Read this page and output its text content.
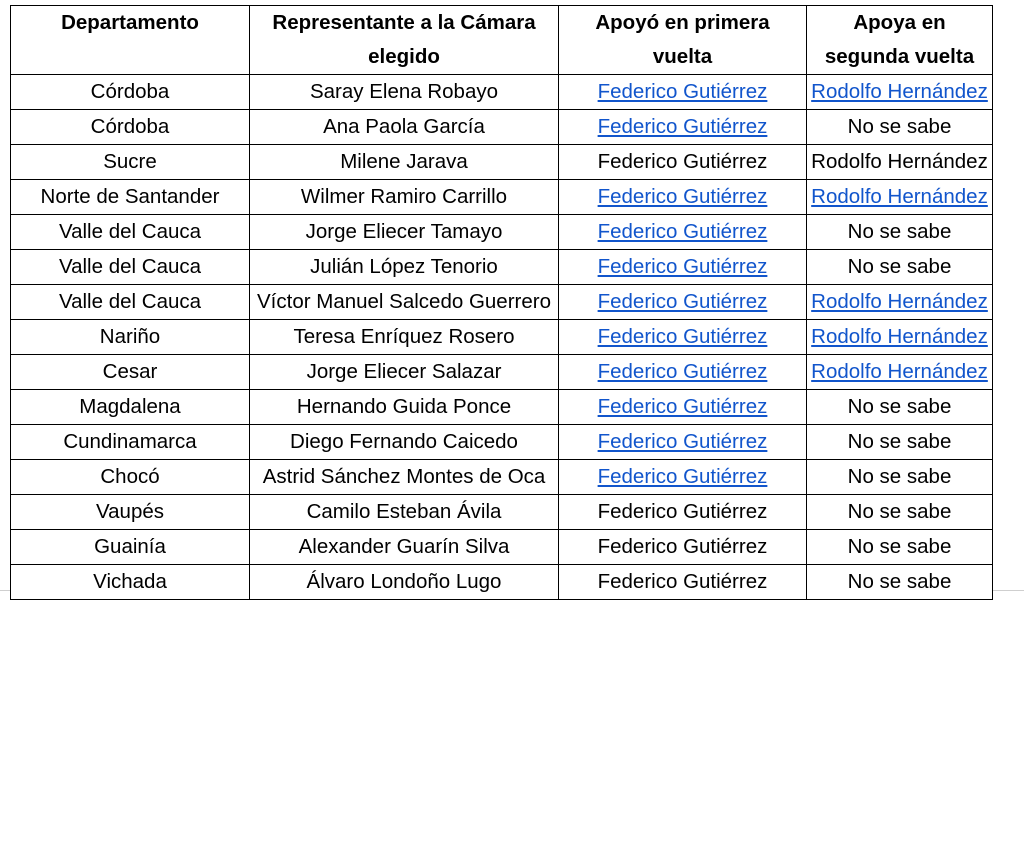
Departamento	Representante a la Cámara elegido	Apoyó en primera vuelta	Apoya en segunda vuelta
Córdoba	Saray Elena Robayo	Federico Gutiérrez	Rodolfo Hernández
Córdoba	Ana Paola García	Federico Gutiérrez	No se sabe
Sucre	Milene Jarava	Federico Gutiérrez	Rodolfo Hernández
Norte de Santander	Wilmer Ramiro Carrillo	Federico Gutiérrez	Rodolfo Hernández
Valle del Cauca	Jorge Eliecer Tamayo	Federico Gutiérrez	No se sabe
Valle del Cauca	Julián López Tenorio	Federico Gutiérrez	No se sabe
Valle del Cauca	Víctor Manuel Salcedo Guerrero	Federico Gutiérrez	Rodolfo Hernández
Nariño	Teresa Enríquez Rosero	Federico Gutiérrez	Rodolfo Hernández
Cesar	Jorge Eliecer Salazar	Federico Gutiérrez	Rodolfo Hernández
Magdalena	Hernando Guida Ponce	Federico Gutiérrez	No se sabe
Cundinamarca	Diego Fernando Caicedo	Federico Gutiérrez	No se sabe
Chocó	Astrid Sánchez Montes de Oca	Federico Gutiérrez	No se sabe
Vaupés	Camilo Esteban Ávila	Federico Gutiérrez	No se sabe
Guainía	Alexander Guarín Silva	Federico Gutiérrez	No se sabe
Vichada	Álvaro Londoño Lugo	Federico Gutiérrez	No se sabe
